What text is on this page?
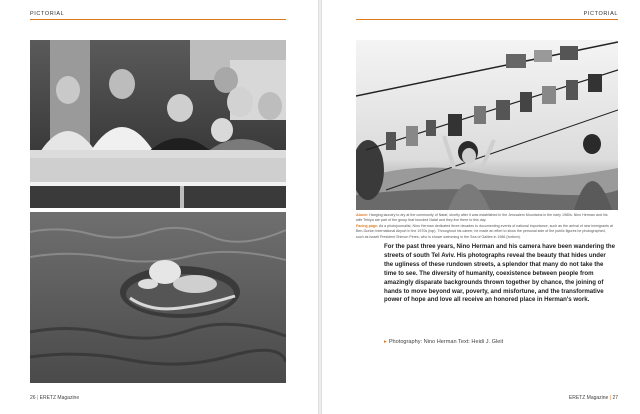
PICTORIAL
26 | ERETZ Magazine
PICTORIAL
Above: Hanging laundry to dry at the community of Nataf, shortly after it was established in the Jerusalem Mountains in the early 1980s. Nino Herman and his wife Tehiya are part of the group that founded Nataf and they live there to this day.
Facing page: As a photojournalist, Nino Herman dedicated three decades to documenting events of national importance, such as the arrival of new immigrants at Ben-Gurion International Airport in the 1970s (top). Throughout his career, he made an effort to show the personal side of the public figures he photographed, such as Israeli President Shimon Peres, who is shown swimming in the Sea of Galilee in 1986 (bottom).
For the past three years, Nino Herman and his camera have been wandering the streets of south Tel Aviv. His photographs reveal the beauty that hides under the ugliness of these rundown streets, a splendor that many do not take the time to see. The diversity of humanity, coexistence between people from amazingly disparate backgrounds thrown together by chance, the joining of hands to move beyond war, poverty, and misfortune, and the transformative power of hope and love all receive an honored place in Herman's work.
▸ Photography: Nino Herman Text: Heidi J. Gleit
ERETZ Magazine | 27
